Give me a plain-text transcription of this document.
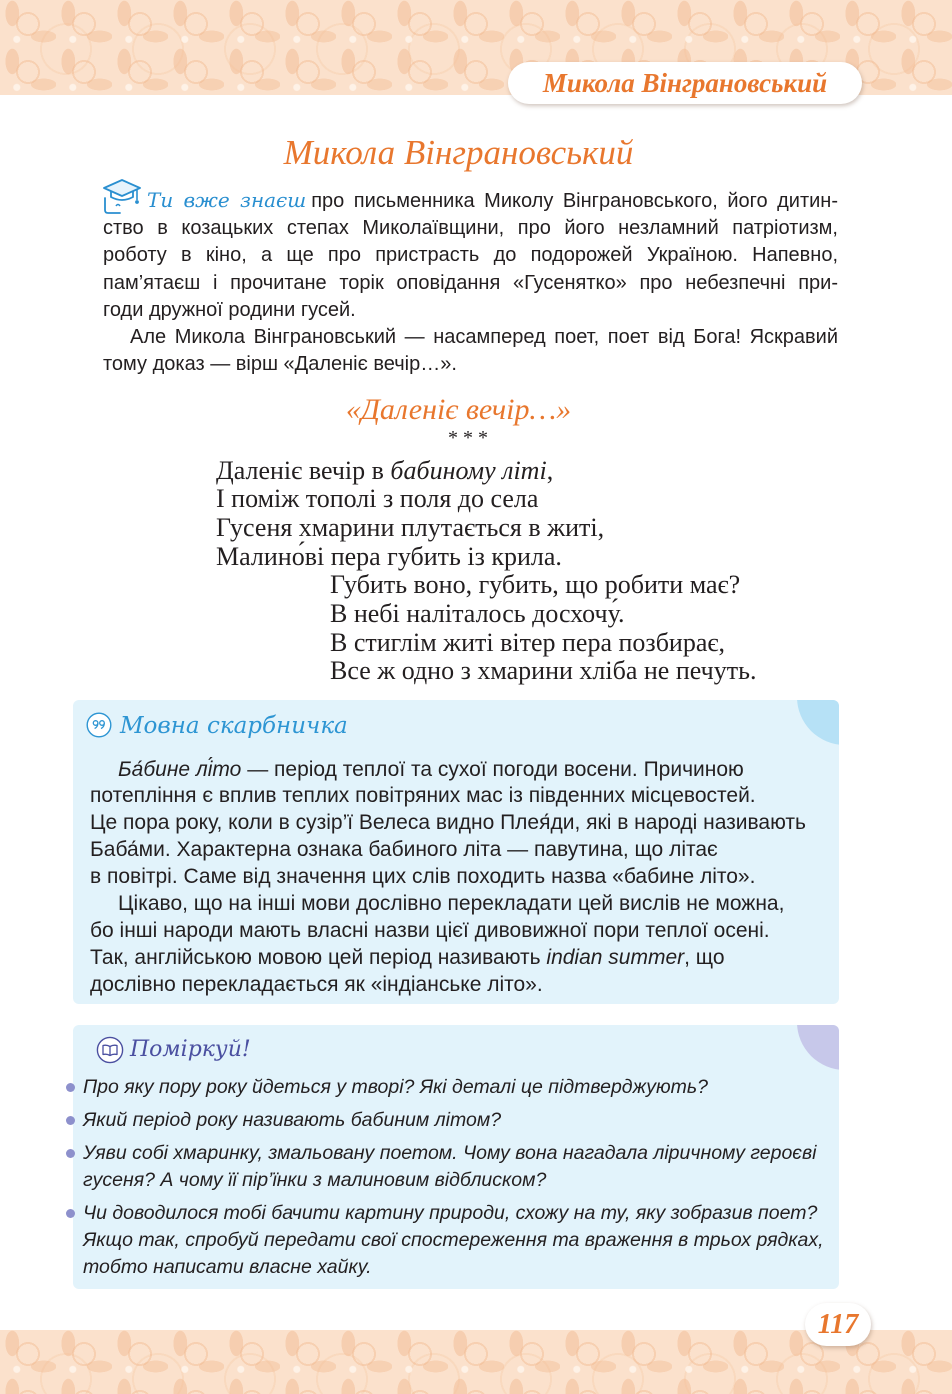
Микола Вінграновський
Микола Вінграновський
Ти вже знаєш про письменника Миколу Вінграновського, його дитин-
ство в козацьких степах Миколаївщини, про його незламний патріотизм,
роботу в кіно, а ще про пристрасть до подорожей Україною. Напевно,
пам’ятаєш і прочитане торік оповідання «Гусенятко» про небезпечні при-
годи дружної родини гусей.
Але Микола Вінграновський — насамперед поет, поет від Бога! Яскравий
тому доказ — вірш «Даленіє вечір…».
«Даленіє вечір…»
* * *
Даленіє вечір в бабиному літі,
І поміж тополі з поля до села
Гусеня хмарини плутається в житі,
Малино́ві пера губить із крила.
Губить воно, губить, що робити має?
В небі наліталось досхочу́.
В стиглім житі вітер пера позбирає,
Все ж одно з хмарини хліба не печуть.
Мовна скарбничка
Ба́бине лі́то — період теплої та сухої погоди восени. Причиною
потепління є вплив теплих повітряних мас із південних місцевостей.
Це пора року, коли в сузір’ї Велеса видно Плея́ди, які в народі називають
Баба́ми. Характерна ознака бабиного літа — павутина, що літає
в повітрі. Саме від значення цих слів походить назва «бабине літо».
Цікаво, що на інші мови дослівно перекладати цей вислів не можна,
бо інші народи мають власні назви цієї дивовижної пори теплої осені.
Так, англійською мовою цей період називають indian summer, що
дослівно перекладається як «індіанське літо».
Поміркуй!
Про яку пору року йдеться у творі? Які деталі це підтверджують?
Який період року називають бабиним літом?
Уяви собі хмаринку, змальовану поетом. Чому вона нагадала ліричному героєві
гусеня? А чому її пір’їнки з малиновим відблиском?
Чи доводилося тобі бачити картину природи, схожу на ту, яку зобразив поет?
Якщо так, спробуй передати свої спостереження та враження в трьох рядках,
тобто написати власне хайку.
117
